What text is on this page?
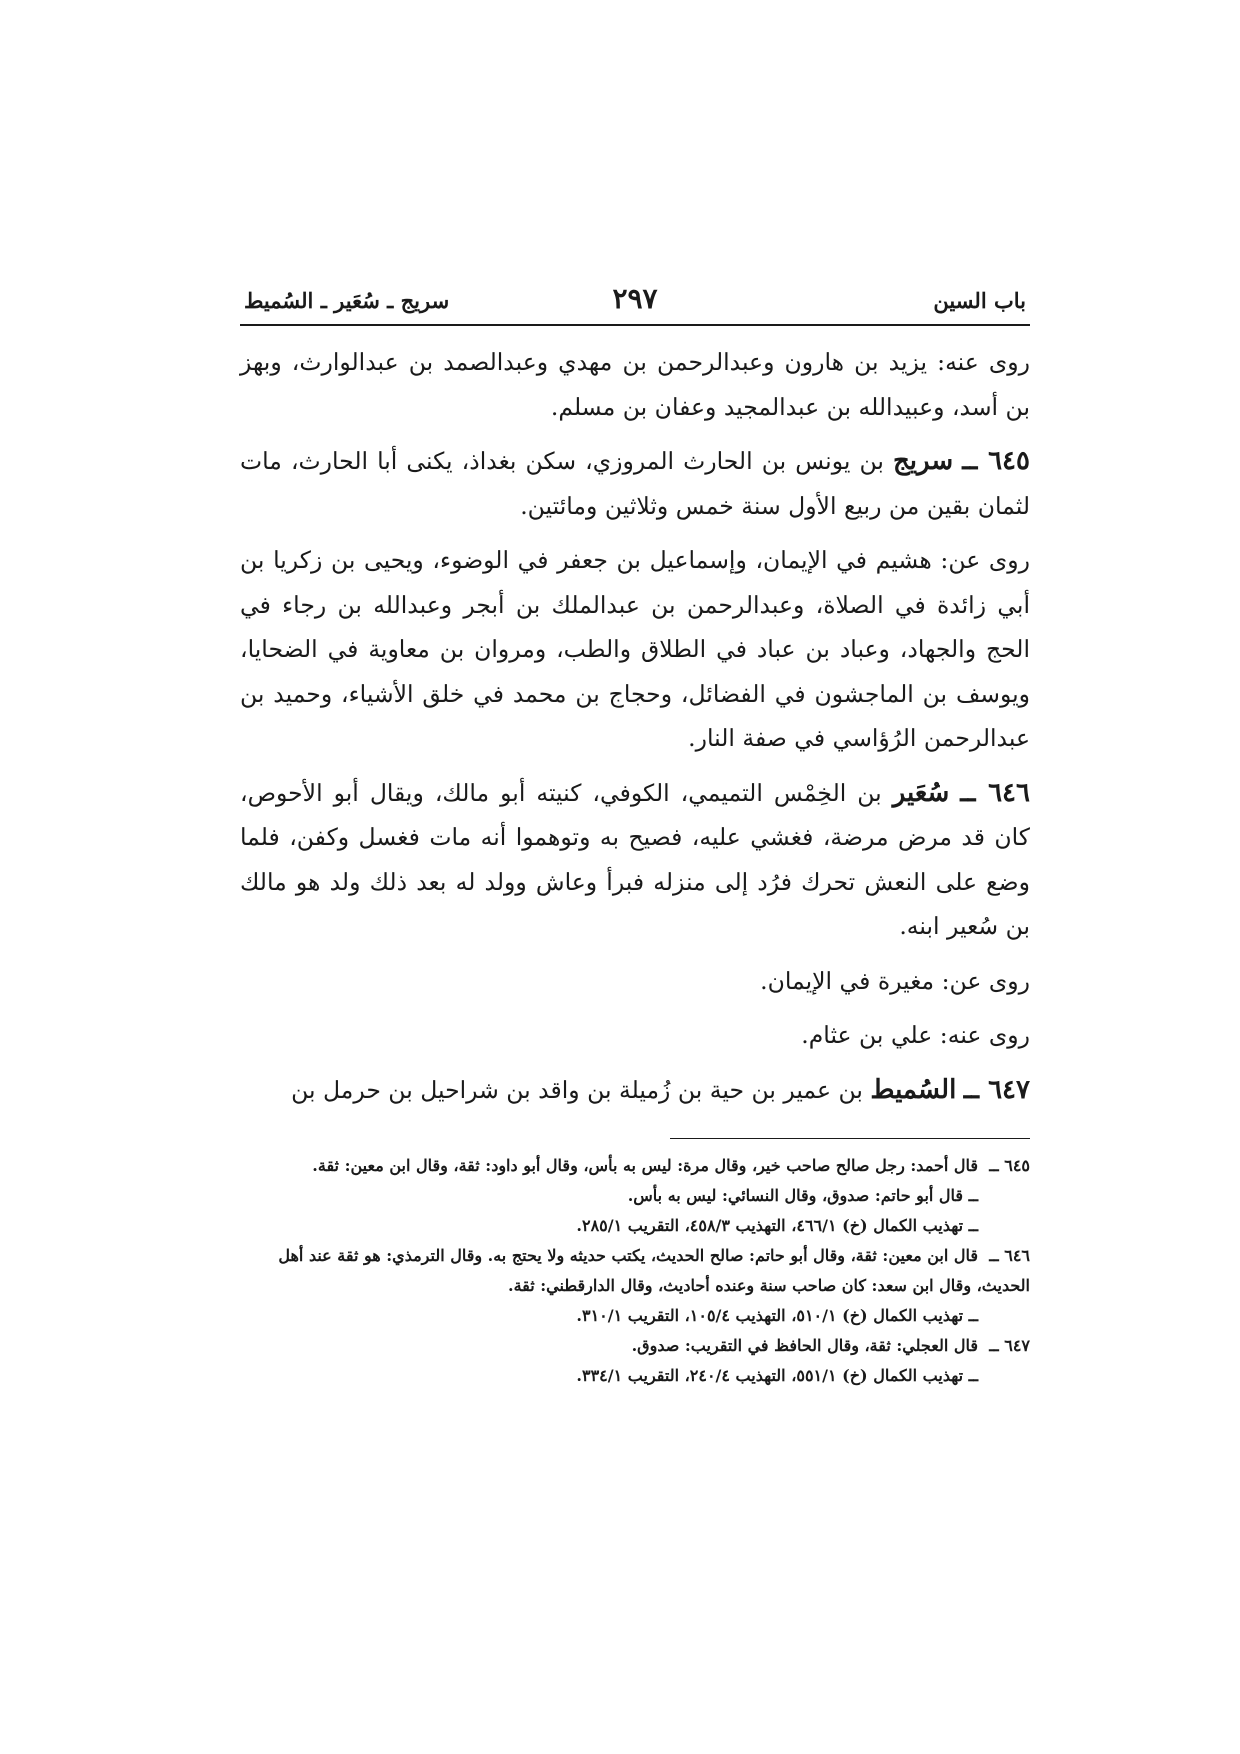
باب السين
٢٩٧
سريج ـ سُعَير ـ السُميط

روى عنه: يزيد بن هارون وعبدالرحمن بن مهدي وعبدالصمد بن عبدالوارث، وبهز بن أسد، وعبيدالله بن عبدالمجيد وعفان بن مسلم.

٦٤٥ ــ سريج بن يونس بن الحارث المروزي، سكن بغداذ، يكنى أبا الحارث، مات لثمان بقين من ربيع الأول سنة خمس وثلاثين ومائتين.

روى عن: هشيم في الإيمان، وإسماعيل بن جعفر في الوضوء، ويحيى بن زكريا بن أبي زائدة في الصلاة، وعبدالرحمن بن عبدالملك بن أبجر وعبدالله بن رجاء في الحج والجهاد، وعباد بن عباد في الطلاق والطب، ومروان بن معاوية في الضحايا، ويوسف بن الماجشون في الفضائل، وحجاج بن محمد في خلق الأشياء، وحميد بن عبدالرحمن الرُؤاسي في صفة النار.

٦٤٦ ــ سُعَير بن الخِمْس التميمي، الكوفي، كنيته أبو مالك، ويقال أبو الأحوص، كان قد مرض مرضة، فغشي عليه، فصيح به وتوهموا أنه مات فغسل وكفن، فلما وضع على النعش تحرك فرُد إلى منزله فبرأ وعاش وولد له بعد ذلك ولد هو مالك بن سُعير ابنه.

روى عن: مغيرة في الإيمان.

روى عنه: علي بن عثام.

٦٤٧ ــ السُميط بن عمير بن حية بن زُميلة بن واقد بن شراحيل بن حرمل بن

٦٤٥ ــقال أحمد: رجل صالح صاحب خير، وقال مرة: ليس به بأس، وقال أبو داود: ثقة، وقال ابن معين: ثقة.

ــ قال أبو حاتم: صدوق، وقال النسائي: ليس به بأس.

ــ تهذيب الكمال (خ) ٤٦٦/١، التهذيب ٤٥٨/٣، التقريب ٢٨٥/١.

٦٤٦ ــقال ابن معين: ثقة، وقال أبو حاتم: صالح الحديث، يكتب حديثه ولا يحتج به. وقال الترمذي: هو ثقة عند أهل الحديث، وقال ابن سعد: كان صاحب سنة وعنده أحاديث، وقال الدارقطني: ثقة.

ــ تهذيب الكمال (خ) ٥١٠/١، التهذيب ١٠٥/٤، التقريب ٣١٠/١.

٦٤٧ ــقال العجلي: ثقة، وقال الحافظ في التقريب: صدوق.

ــ تهذيب الكمال (خ) ٥٥١/١، التهذيب ٢٤٠/٤، التقريب ٣٣٤/١.
